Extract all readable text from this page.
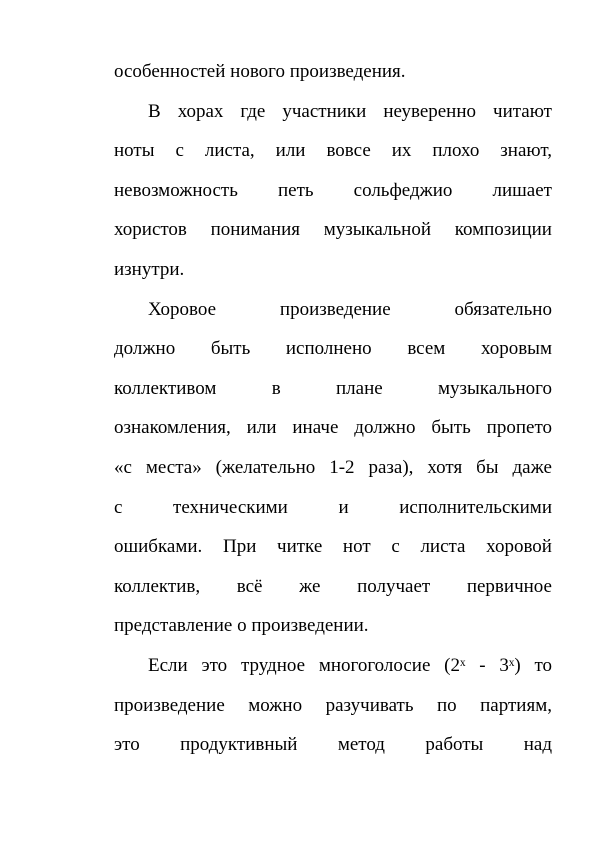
особенностей нового произведения.
В хорах где участники неуверенно читают
ноты с листа, или вовсе их плохо знают,
невозможность петь сольфеджио лишает
хористов понимания музыкальной композиции
изнутри.
Хоровое	произведение	обязательно
должно быть исполнено всем хоровым
коллективом	в	плане	музыкального
ознакомления, или иначе должно быть пропето
«с места» (желательно 1-2 раза), хотя бы даже
с	техническими	и	исполнительскими
ошибками. При читке нот с листа хоровой
коллектив, всё же получает первичное
представление о произведении.
Если это трудное многоголосие (2ˣ - 3ˣ) то
произведение можно разучивать по партиям,
это продуктивный метод работы над
